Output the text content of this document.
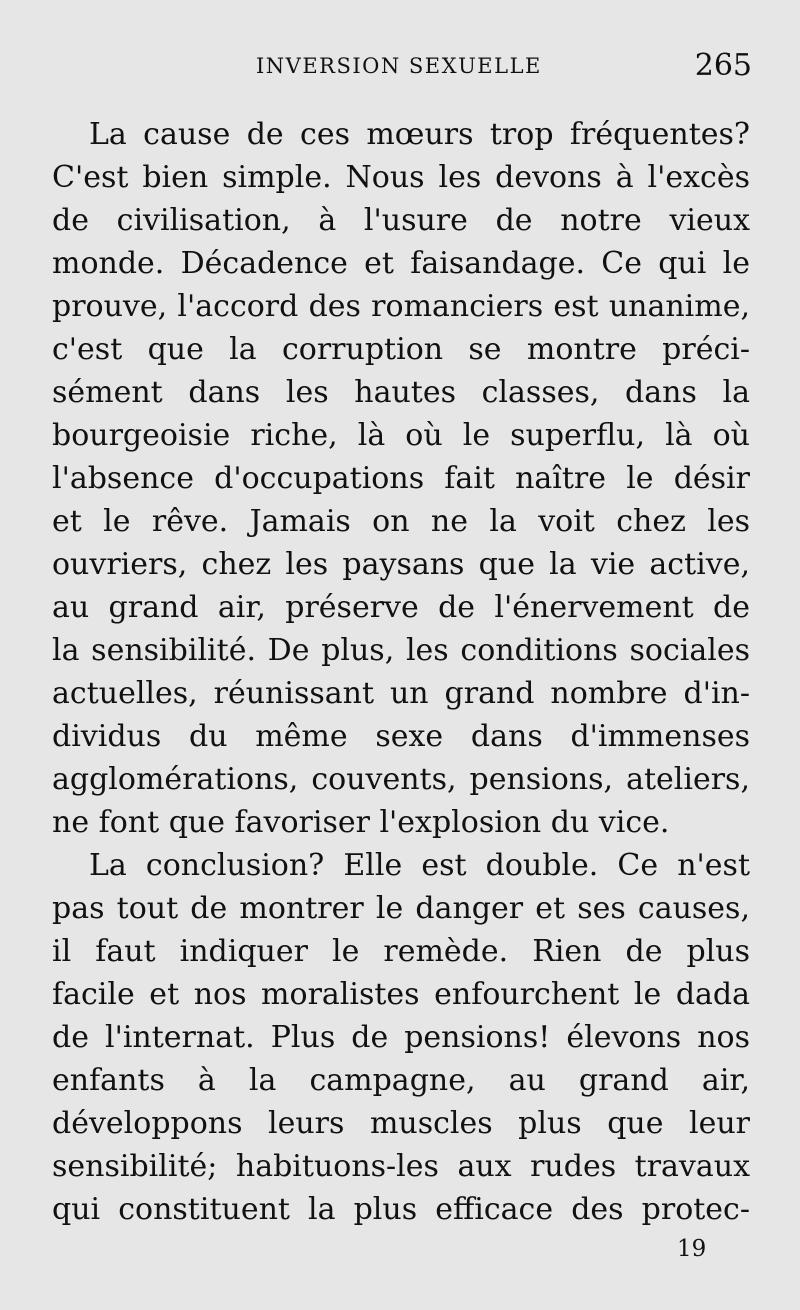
INVERSION SEXUELLE	265
La cause de ces mœurs trop fréquentes?
C'est bien simple. Nous les devons à l'excès
de civilisation, à l'usure de notre vieux
monde. Décadence et faisandage. Ce qui le
prouve, l'accord des romanciers est unanime,
c'est que la corruption se montre préci-
sément dans les hautes classes, dans la
bourgeoisie riche, là où le superflu, là où
l'absence d'occupations fait naître le désir
et le rêve. Jamais on ne la voit chez les
ouvriers, chez les paysans que la vie active,
au grand air, préserve de l'énervement de
la sensibilité. De plus, les conditions sociales
actuelles, réunissant un grand nombre d'in-
dividus du même sexe dans d'immenses
agglomérations, couvents, pensions, ateliers,
ne font que favoriser l'explosion du vice.
La conclusion? Elle est double. Ce n'est
pas tout de montrer le danger et ses causes,
il faut indiquer le remède. Rien de plus
facile et nos moralistes enfourchent le dada
de l'internat. Plus de pensions! élevons nos
enfants à la campagne, au grand air,
développons leurs muscles plus que leur
sensibilité; habituons-les aux rudes travaux
qui constituent la plus efficace des protec-
19
